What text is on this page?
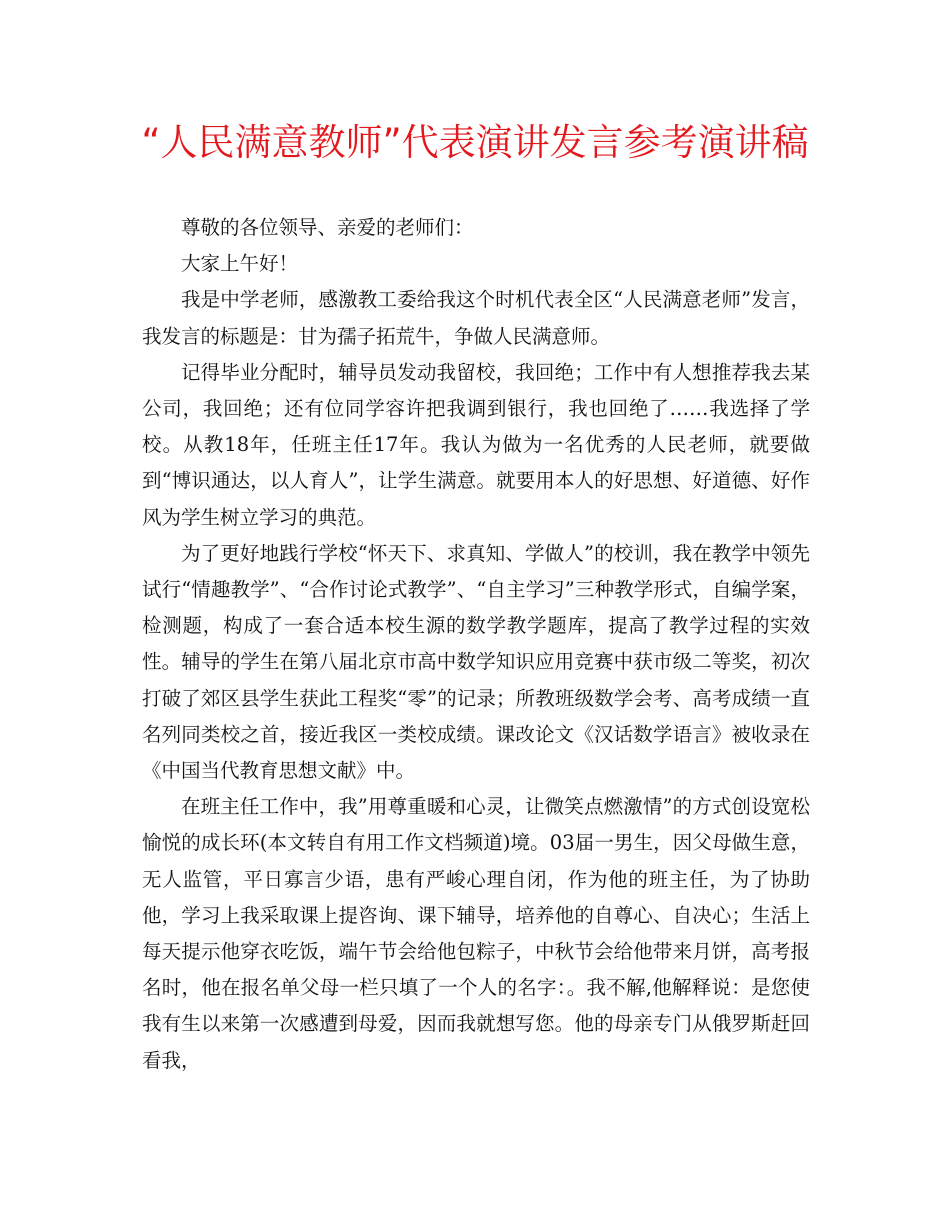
“人民满意教师”代表演讲发言参考演讲稿

尊敬的各位领导、亲爱的老师们：

大家上午好！

我是中学老师，感激教工委给我这个时机代表全区“人民满意老师”发言，我发言的标题是：甘为孺子拓荒牛，争做人民满意师。

记得毕业分配时，辅导员发动我留校，我回绝；工作中有人想推荐我去某公司，我回绝；还有位同学容许把我调到银行，我也回绝了……我选择了学校。从教18年，任班主任17年。我认为做为一名优秀的人民老师，就要做到“博识通达，以人育人”，让学生满意。就要用本人的好思想、好道德、好作风为学生树立学习的典范。

为了更好地践行学校“怀天下、求真知、学做人”的校训，我在教学中领先试行“情趣教学”、“合作讨论式教学”、“自主学习”三种教学形式，自编学案，检测题，构成了一套合适本校生源的数学教学题库，提高了教学过程的实效性。辅导的学生在第八届北京市高中数学知识应用竞赛中获市级二等奖，初次打破了郊区县学生获此工程奖“零”的记录；所教班级数学会考、高考成绩一直名列同类校之首，接近我区一类校成绩。课改论文《汉话数学语言》被收录在《中国当代教育思想文献》中。

在班主任工作中，我”用尊重暖和心灵，让微笑点燃激情”的方式创设宽松愉悦的成长环(本文转自有用工作文档频道)境。03届一男生，因父母做生意，无人监管，平日寡言少语，患有严峻心理自闭，作为他的班主任，为了协助他，学习上我采取课上提咨询、课下辅导，培养他的自尊心、自决心；生活上每天提示他穿衣吃饭，端午节会给他包粽子，中秋节会给他带来月饼，高考报名时，他在报名单父母一栏只填了一个人的名字：。我不解,他解释说：是您使我有生以来第一次感遭到母爱，因而我就想写您。他的母亲专门从俄罗斯赶回看我，
